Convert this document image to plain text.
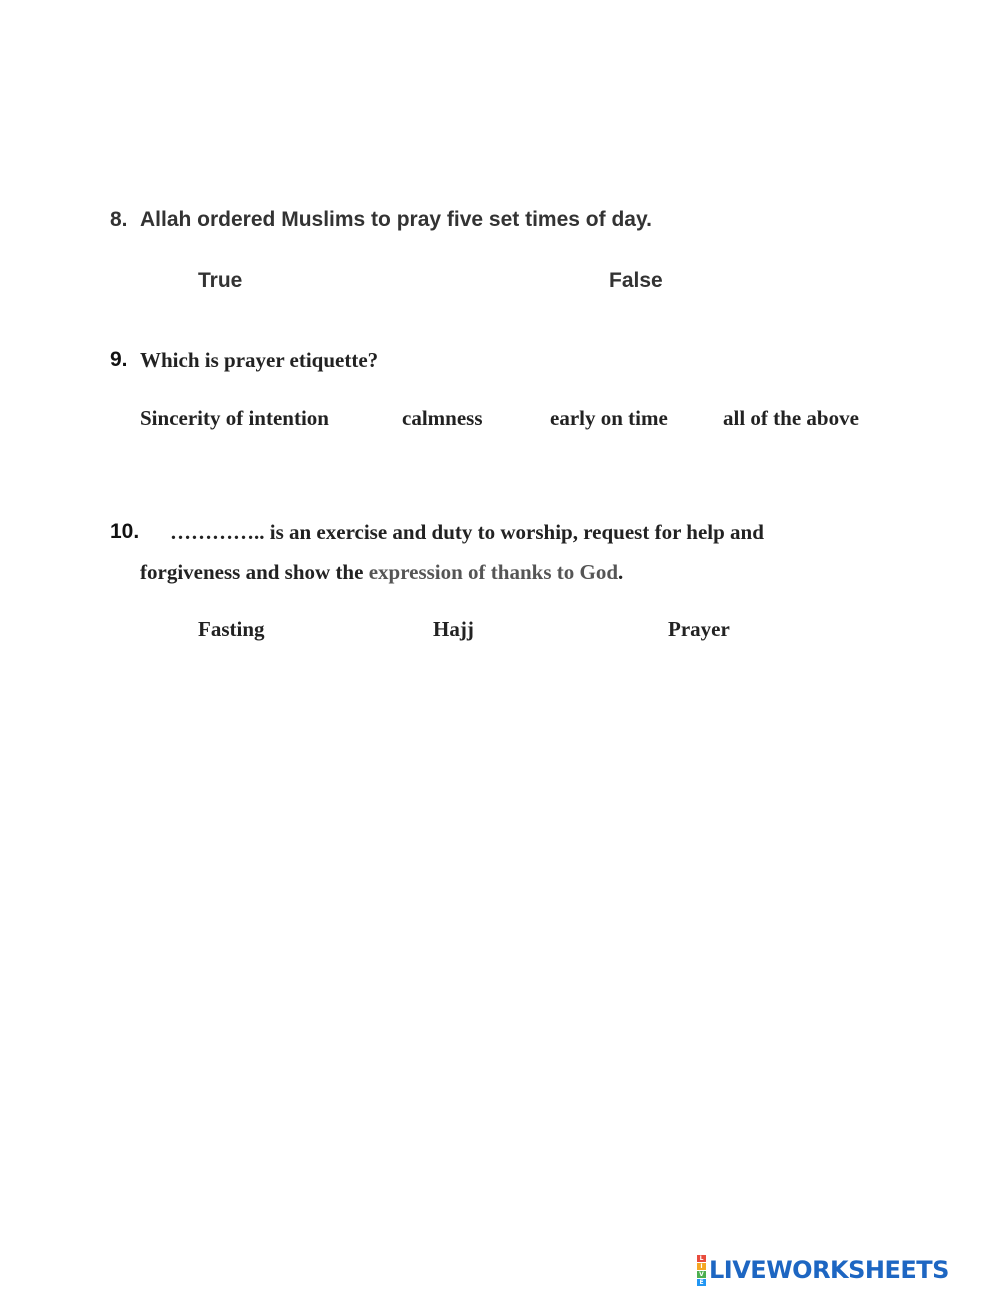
8. Allah ordered Muslims to pray five set times of day.
True	False
9. Which is prayer etiquette?
Sincerity of intention	calmness	early on time	all of the above
10. ………….. is an exercise and duty to worship, request for help and
forgiveness and show the expression of thanks to God.
Fasting	Hajj	Prayer
L
I
V
E LIVEWORKSHEETS
